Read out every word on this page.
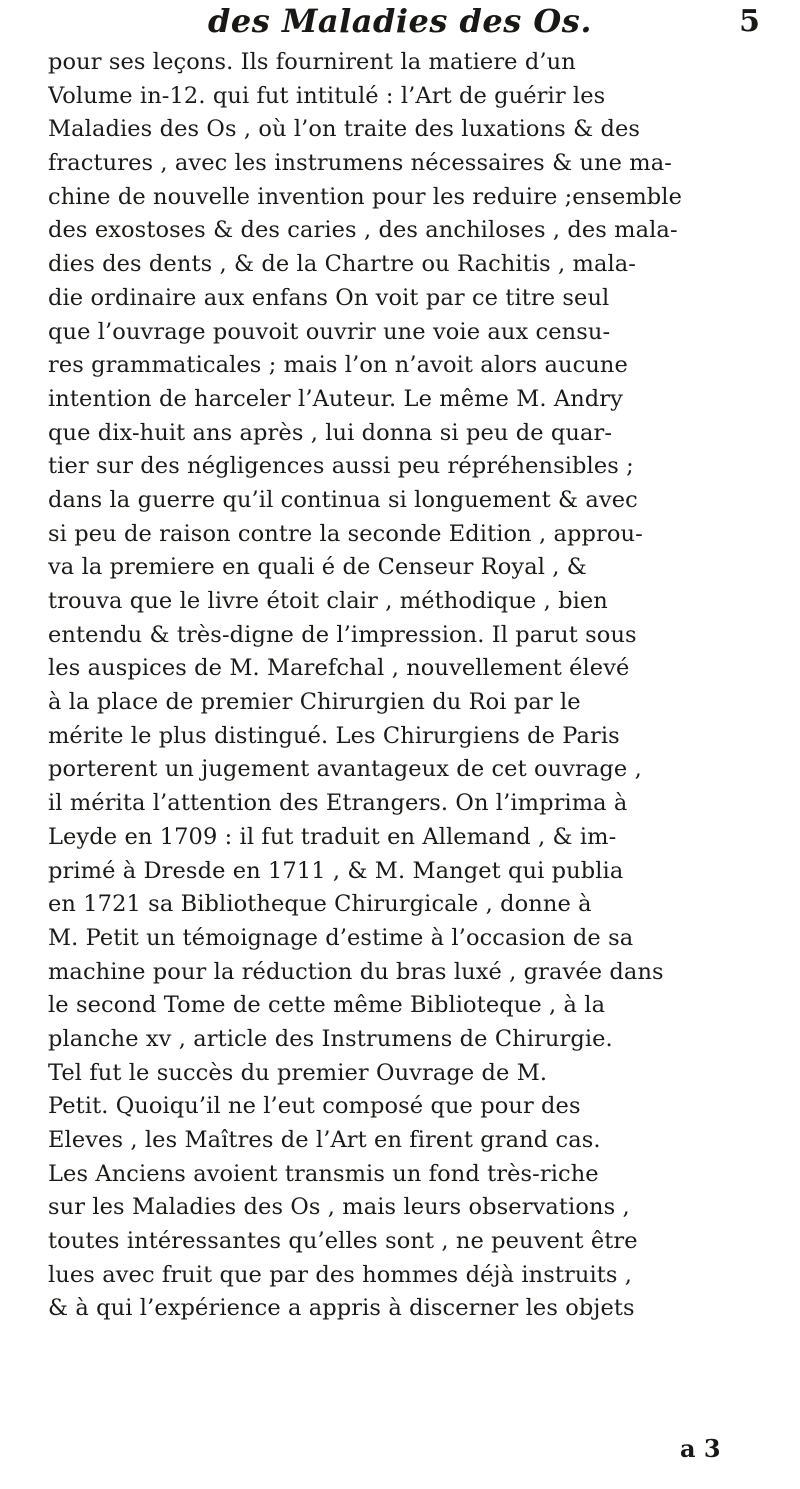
des Maladies des Os.	5
pour ses leçons. Ils fournirent la matiere d’un
Volume in-12. qui fut intitulé : l’Art de guérir les
Maladies des Os , où l’on traite des luxations & des
fractures , avec les instrumens nécessaires & une ma-
chine de nouvelle invention pour les reduire ;ensemble
des exostoses & des caries , des anchiloses , des mala-
dies des dents , & de la Chartre ou Rachitis , mala-
die ordinaire aux enfans On voit par ce titre seul
que l’ouvrage pouvoit ouvrir une voie aux censu-
res grammaticales ; mais l’on n’avoit alors aucune
intention de harceler l’Auteur. Le même M. Andry
que dix-huit ans après , lui donna si peu de quar-
tier sur des négligences aussi peu répréhensibles ;
dans la guerre qu’il continua si longuement & avec
si peu de raison contre la seconde Edition , approu-
va la premiere en quali é de Censeur Royal , &
trouva que le livre étoit clair , méthodique , bien
entendu & très-digne de l’impression. Il parut sous
les auspices de M. Marefchal , nouvellement élevé
à la place de premier Chirurgien du Roi par le
mérite le plus distingué. Les Chirurgiens de Paris
porterent un jugement avantageux de cet ouvrage ,
il mérita l’attention des Etrangers. On l’imprima à
Leyde en 1709 : il fut traduit en Allemand , & im-
primé à Dresde en 1711 , & M. Manget qui publia
en 1721 sa Bibliotheque Chirurgicale , donne à
M. Petit un témoignage d’estime à l’occasion de sa
machine pour la réduction du bras luxé , gravée dans
le second Tome de cette même Biblioteque , à la
planche xv , article des Instrumens de Chirurgie.
Tel fut le succès du premier Ouvrage de M.
Petit. Quoiqu’il ne l’eut composé que pour des
Eleves , les Maîtres de l’Art en firent grand cas.
Les Anciens avoient transmis un fond très-riche
sur les Maladies des Os , mais leurs observations ,
toutes intéressantes qu’elles sont , ne peuvent être
lues avec fruit que par des hommes déjà instruits ,
& à qui l’expérience a appris à discerner les objets
a 3
